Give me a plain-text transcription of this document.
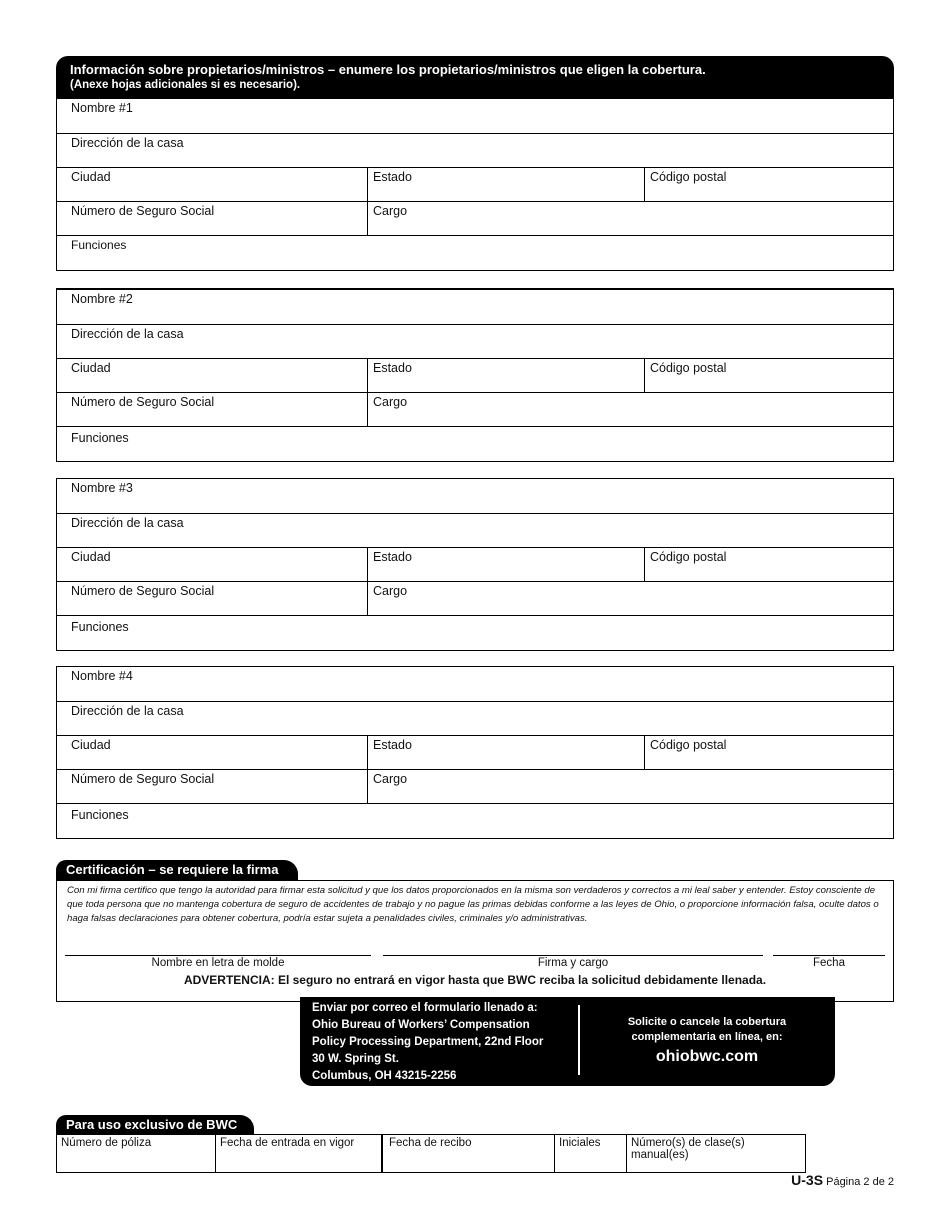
Información sobre propietarios/ministros – enumere los propietarios/ministros que eligen la cobertura.
(Anexe hojas adicionales si es necesario).
Nombre #1
Dirección de la casa
Ciudad	Estado	Código postal
Número de Seguro Social	Cargo
Funciones
Nombre #2
Dirección de la casa
Ciudad	Estado	Código postal
Número de Seguro Social	Cargo
Funciones
Nombre #3
Dirección de la casa
Ciudad	Estado	Código postal
Número de Seguro Social	Cargo
Funciones
Nombre #4
Dirección de la casa
Ciudad	Estado	Código postal
Número de Seguro Social	Cargo
Funciones
Certificación – se requiere la firma
Con mi firma certifico que tengo la autoridad para firmar esta solicitud y que los datos proporcionados en la misma son verdaderos y correctos a mi leal saber y entender. Estoy consciente de que toda persona que no mantenga cobertura de seguro de accidentes de trabajo y no pague las primas debidas conforme a las leyes de Ohio, o proporcione información falsa, oculte datos o haga falsas declaraciones para obtener cobertura, podría estar sujeta a penalidades civiles, criminales y/o administrativas.
Nombre en letra de molde	Firma y cargo	Fecha
ADVERTENCIA: El seguro no entrará en vigor hasta que BWC reciba la solicitud debidamente llenada.
Enviar por correo el formulario llenado a:
Ohio Bureau of Workers’ Compensation
Policy Processing Department, 22nd Floor
30 W. Spring St.
Columbus, OH 43215-2256
Solicite o cancele la cobertura
complementaria en línea, en:
ohiobwc.com
Para uso exclusivo de BWC
Número de póliza	Fecha de entrada en vigor	Fecha de recibo	Iniciales	Número(s) de clase(s) manual(es)
U-3S Página 2 de 2
